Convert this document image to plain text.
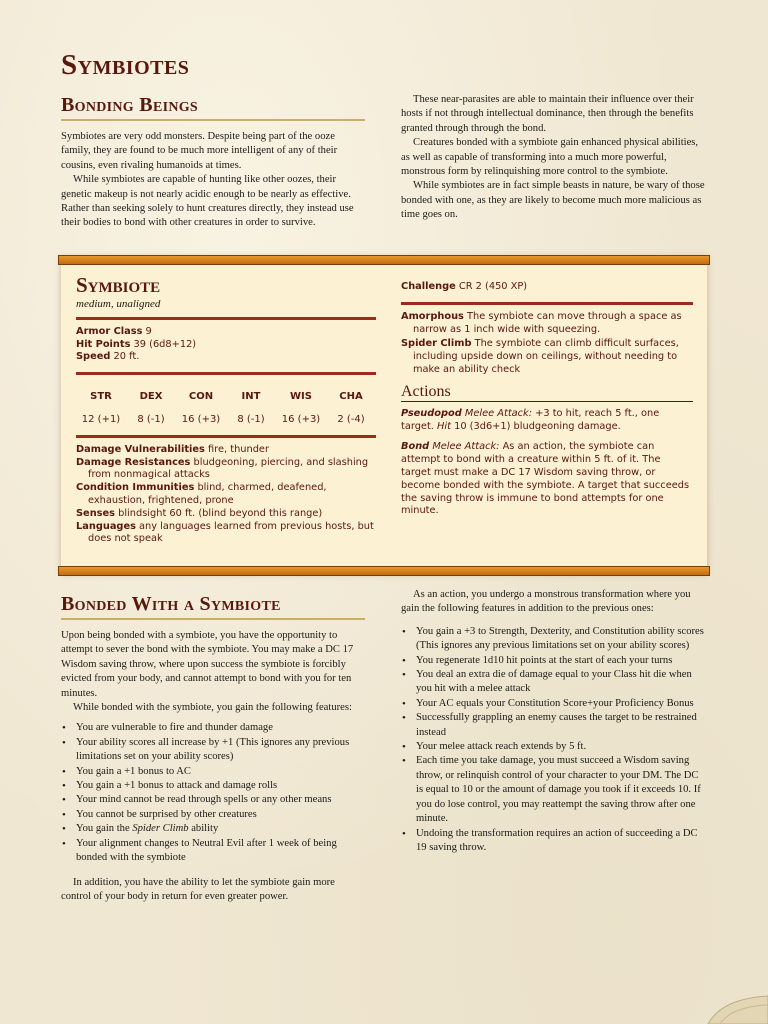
Symbiotes
Bonding Beings

Symbiotes are very odd monsters. Despite being part of the ooze family, they are found to be much more intelligent of any of their cousins, even rivaling humanoids at times.

While symbiotes are capable of hunting like other oozes, their genetic makeup is not nearly acidic enough to be nearly as effective. Rather than seeking solely to hunt creatures directly, they instead use their bodies to bond with other creatures in order to survive.

These near-parasites are able to maintain their influence over their hosts if not through intellectual dominance, then through the benefits granted through through the bond.

Creatures bonded with a symbiote gain enhanced physical abilities, as well as capable of transforming into a much more powerful, monstrous form by relinquishing more control to the symbiote.

While symbiotes are in fact simple beasts in nature, be wary of those bonded with one, as they are likely to become much more malicious as time goes on.

Symbiote
medium, unaligned

Armor Class 9

Hit Points 39 (6d8+12)

Speed 20 ft.

STR
12 (+1)
DEX
8 (-1)
CON
16 (+3)
INT
8 (-1)
WIS
16 (+3)
CHA
2 (-4)

Damage Vulnerabilities fire, thunder

Damage Resistances bludgeoning, piercing, and slashing from nonmagical attacks

Condition Immunities blind, charmed, deafened, exhaustion, frightened, prone

Senses blindsight 60 ft. (blind beyond this range)

Languages any languages learned from previous hosts, but does not speak

Challenge CR 2 (450 XP)

Amorphous The symbiote can move through a space as narrow as 1 inch wide with squeezing.

Spider Climb The symbiote can climb difficult surfaces, including upside down on ceilings, without needing to make an ability check

Actions

Pseudopod Melee Attack: +3 to hit, reach 5 ft., one target. Hit 10 (3d6+1) bludgeoning damage.

Bond Melee Attack: As an action, the symbiote can attempt to bond with a creature within 5 ft. of it. The target must make a DC 17 Wisdom saving throw, or become bonded with the symbiote. A target that succeeds the saving throw is immune to bond attempts for one minute.

Bonded With a Symbiote

Upon being bonded with a symbiote, you have the opportunity to attempt to sever the bond with the symbiote. You may make a DC 17 Wisdom saving throw, where upon success the symbiote is forcibly evicted from your body, and cannot attempt to bond with you for ten minutes.

While bonded with the symbiote, you gain the following features:

• You are vulnerable to fire and thunder damage
• Your ability scores all increase by +1 (This ignores any previous limitations set on your ability scores)
• You gain a +1 bonus to AC
• You gain a +1 bonus to attack and damage rolls
• Your mind cannot be read through spells or any other means
• You cannot be surprised by other creatures
• You gain the Spider Climb ability
• Your alignment changes to Neutral Evil after 1 week of being bonded with the symbiote

In addition, you have the ability to let the symbiote gain more control of your body in return for even greater power.

As an action, you undergo a monstrous transformation where you gain the following features in addition to the previous ones:

• You gain a +3 to Strength, Dexterity, and Constitution ability scores (This ignores any previous limitations set on your ability scores)
• You regenerate 1d10 hit points at the start of each your turns
• You deal an extra die of damage equal to your Class hit die when you hit with a melee attack
• Your AC equals your Constitution Score+your Proficiency Bonus
• Successfully grappling an enemy causes the target to be restrained instead
• Your melee attack reach extends by 5 ft.
• Each time you take damage, you must succeed a Wisdom saving throw, or relinquish control of your character to your DM. The DC is equal to 10 or the amount of damage you took if it exceeds 10. If you do lose control, you may reattempt the saving throw after one minute.
• Undoing the transformation requires an action of succeeding a DC 19 saving throw.
